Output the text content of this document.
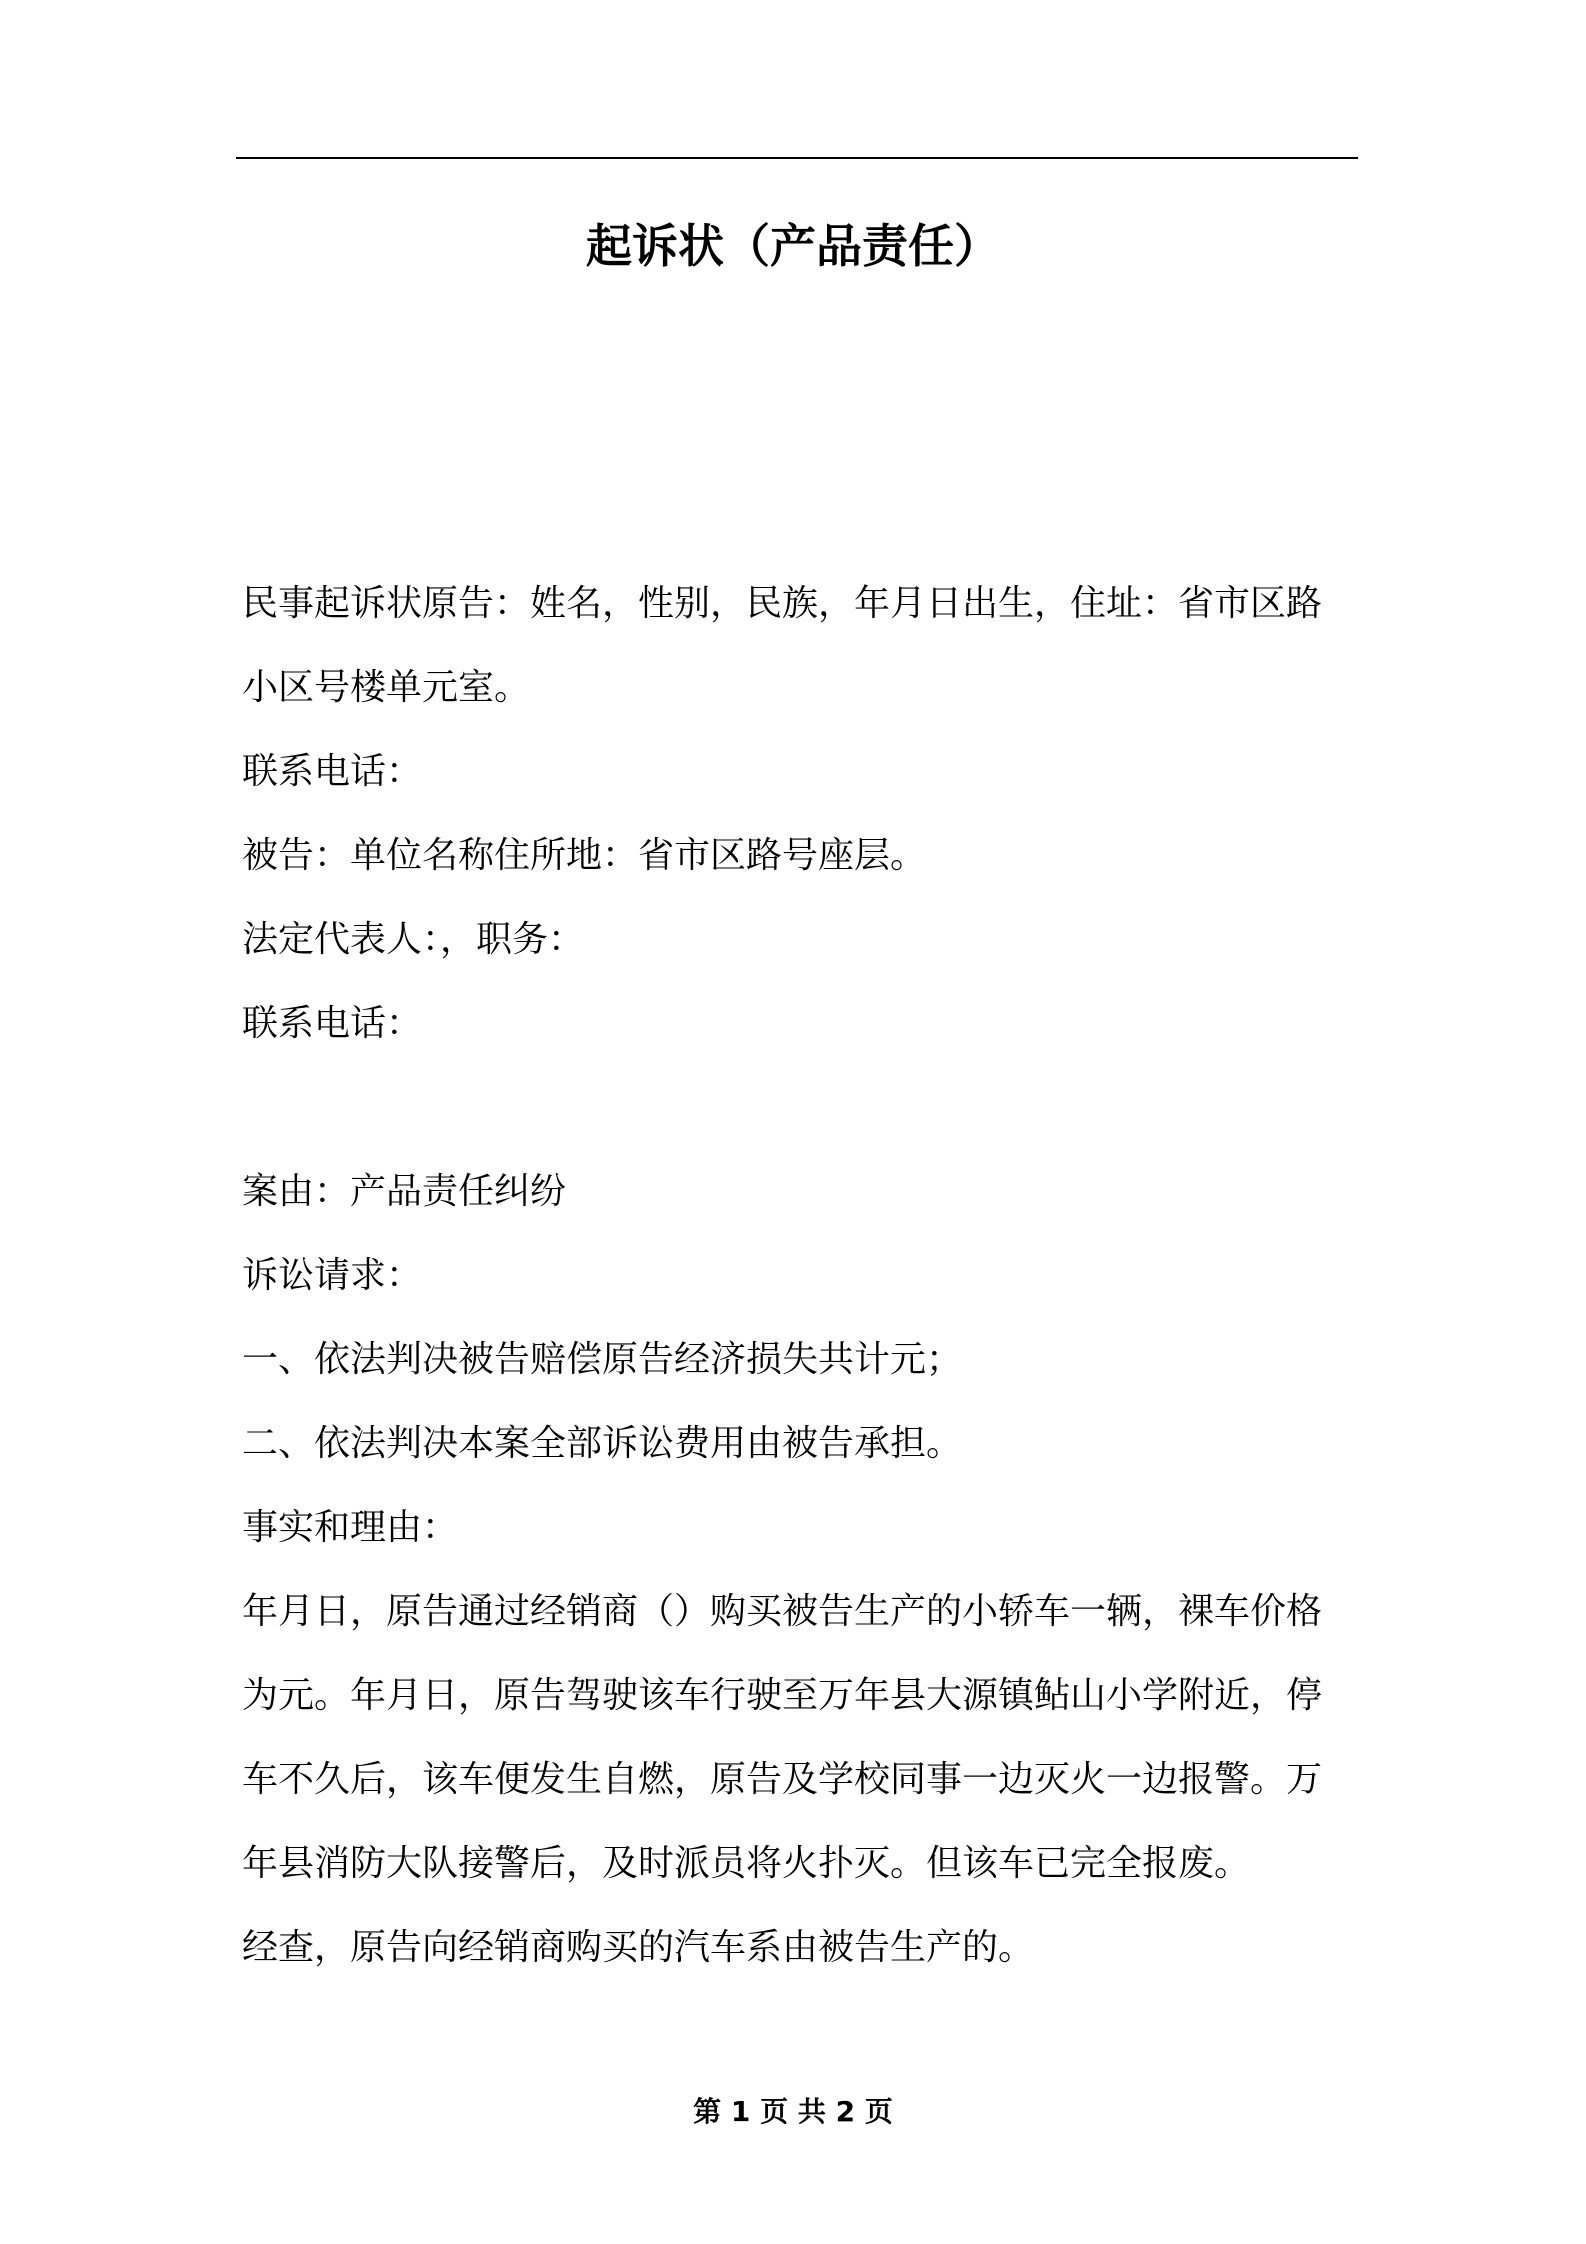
起诉状（产品责任）

民事起诉状原告：姓名，性别，民族，年月日出生，住址：省市区路

小区号楼单元室。

联系电话：

被告：单位名称住所地：省市区路号座层。

法定代表人：，职务：

联系电话：

案由：产品责任纠纷

诉讼请求：

一、依法判决被告赔偿原告经济损失共计元；

二、依法判决本案全部诉讼费用由被告承担。

事实和理由：

年月日，原告通过经销商（）购买被告生产的小轿车一辆，裸车价格

为元。年月日，原告驾驶该车行驶至万年县大源镇鲇山小学附近，停

车不久后，该车便发生自燃，原告及学校同事一边灭火一边报警。万

年县消防大队接警后，及时派员将火扑灭。但该车已完全报废。

经查，原告向经销商购买的汽车系由被告生产的。

第 1 页 共 2 页
